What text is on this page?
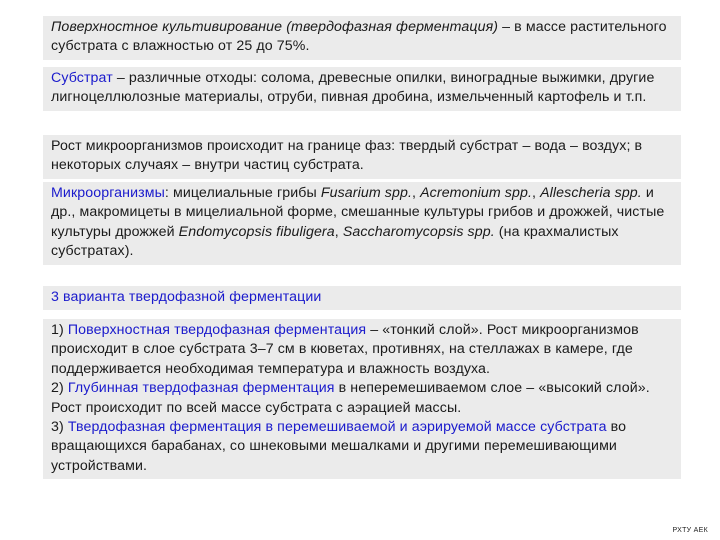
Поверхностное культивирование (твердофазная ферментация) – в массе растительного субстрата с влажностью от 25 до 75%.

Субстрат – различные отходы: солома, древесные опилки, виноградные выжимки, другие лигноцеллюлозные материалы, отруби, пивная дробина, измельченный картофель и т.п.

Рост микроорганизмов происходит на границе фаз: твердый субстрат – вода – воздух; в некоторых случаях – внутри частиц субстрата.

Микроорганизмы: мицелиальные грибы Fusarium spp., Acremonium spp., Allescheria spp. и др., макромицеты в мицелиальной форме, смешанные культуры грибов и дрожжей, чистые культуры дрожжей Endomycopsis fibuligera, Saccharomycopsis spp. (на крахмалистых субстратах).

3 варианта твердофазной ферментации

1) Поверхностная твердофазная ферментация – «тонкий слой». Рост микроорганизмов происходит в слое субстрата 3–7 см в кюветах, противнях, на стеллажах в камере, где поддерживается необходимая температура и влажность воздуха.

2) Глубинная твердофазная ферментация в неперемешиваемом слое – «высокий слой». Рост происходит по всей массе субстрата с аэрацией массы.

3) Твердофазная ферментация в перемешиваемой и аэрируемой массе субстрата во вращающихся барабанах, со шнековыми мешалками и другими перемешивающими устройствами.

РХТУ АЕК
